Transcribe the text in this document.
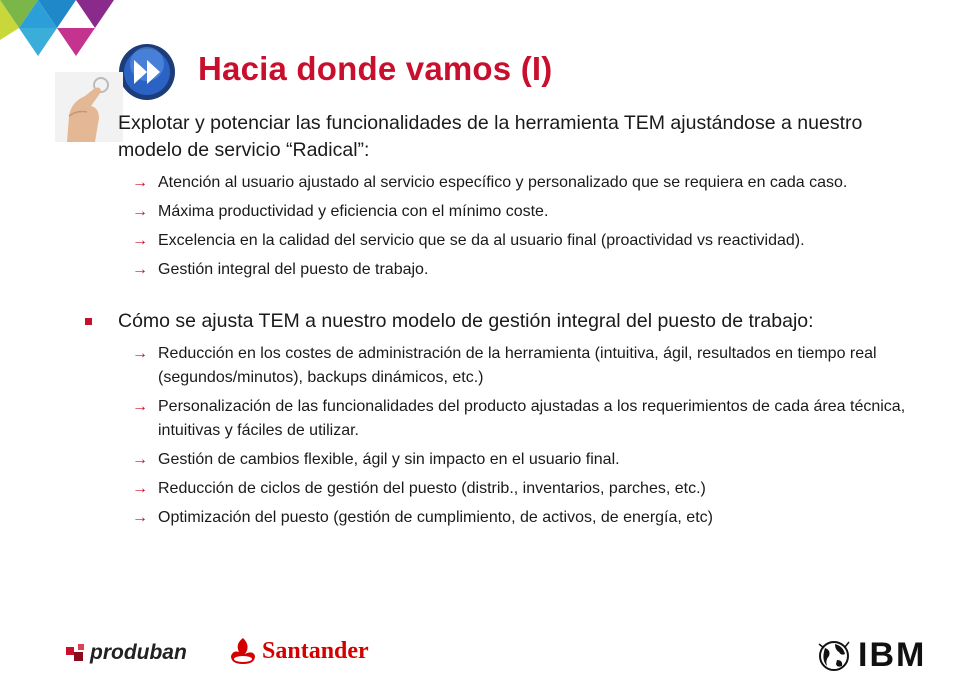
Hacia donde vamos (I)
Explotar y potenciar las funcionalidades de la herramienta TEM ajustándose a nuestro modelo de servicio “Radical”:
→ Atención al usuario ajustado al servicio específico y personalizado que se requiera en cada caso.
→ Máxima productividad y eficiencia con el mínimo coste.
→ Excelencia en la calidad del servicio que se da al usuario final (proactividad vs reactividad).
→ Gestión integral del puesto de trabajo.
Cómo se ajusta TEM a nuestro modelo de gestión integral del puesto de trabajo:
→ Reducción en los costes de administración de la herramienta (intuitiva, ágil, resultados en tiempo real (segundos/minutos), backups dinámicos, etc.)
→ Personalización de las funcionalidades del producto ajustadas a los requerimientos de cada área técnica, intuitivas y fáciles de utilizar.
→ Gestión de cambios flexible, ágil y sin impacto en el usuario final.
→ Reducción de ciclos de gestión del puesto (distrib., inventarios, parches, etc.)
→ Optimización del puesto (gestión de cumplimiento, de activos, de energía, etc)
produban	Santander	IBM
